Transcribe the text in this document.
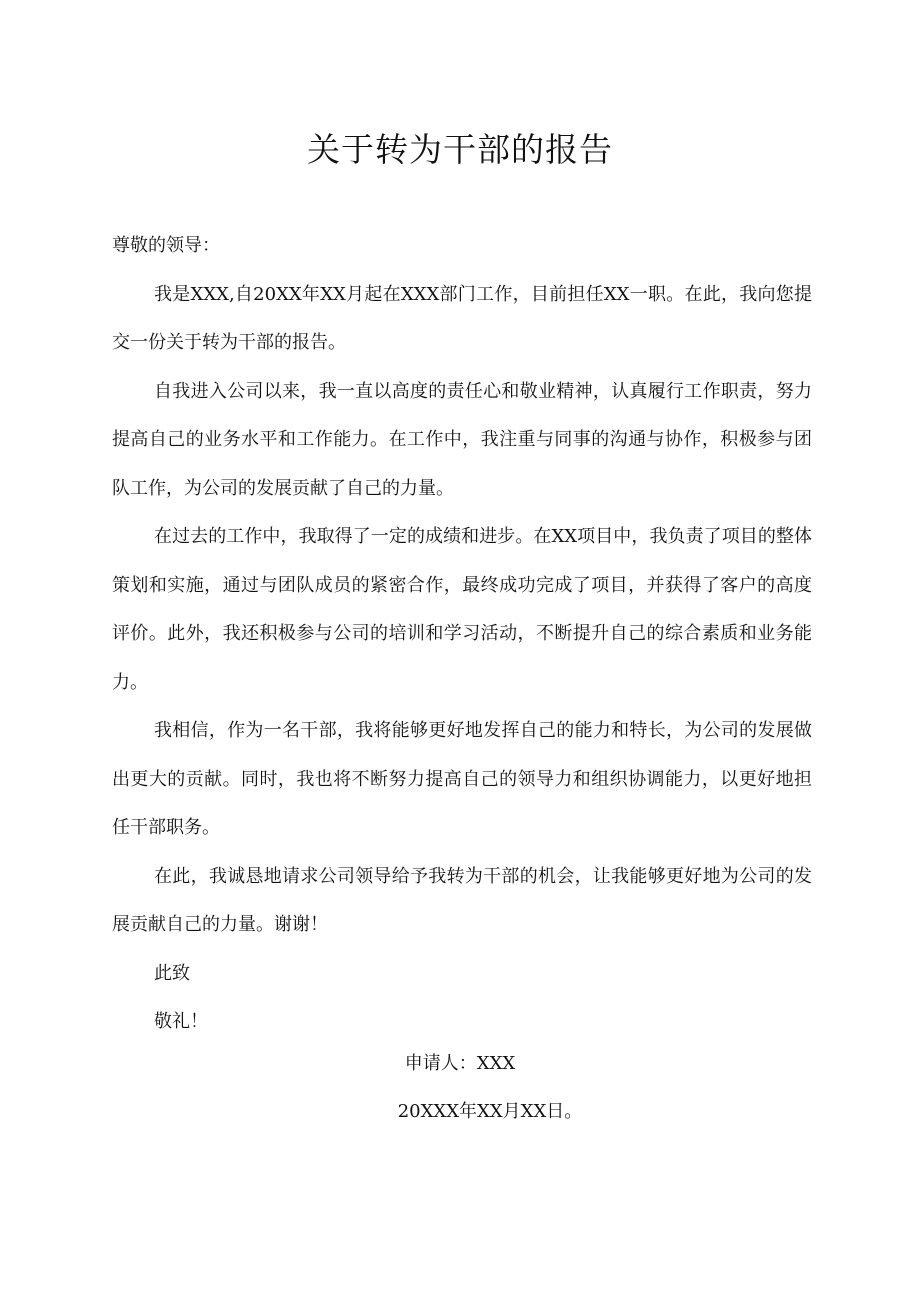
关于转为干部的报告

尊敬的领导：

我是XXX,自20XX年XX月起在XXX部门工作，目前担任XX一职。在此，我向您提交一份关于转为干部的报告。

自我进入公司以来，我一直以高度的责任心和敬业精神，认真履行工作职责，努力提高自己的业务水平和工作能力。在工作中，我注重与同事的沟通与协作，积极参与团队工作，为公司的发展贡献了自己的力量。

在过去的工作中，我取得了一定的成绩和进步。在XX项目中，我负责了项目的整体策划和实施，通过与团队成员的紧密合作，最终成功完成了项目，并获得了客户的高度评价。此外，我还积极参与公司的培训和学习活动，不断提升自己的综合素质和业务能力。

我相信，作为一名干部，我将能够更好地发挥自己的能力和特长，为公司的发展做出更大的贡献。同时，我也将不断努力提高自己的领导力和组织协调能力，以更好地担任干部职务。

在此，我诚恳地请求公司领导给予我转为干部的机会，让我能够更好地为公司的发展贡献自己的力量。谢谢！

此致

敬礼！

申请人：XXX
20XXX年XX月XX日。
